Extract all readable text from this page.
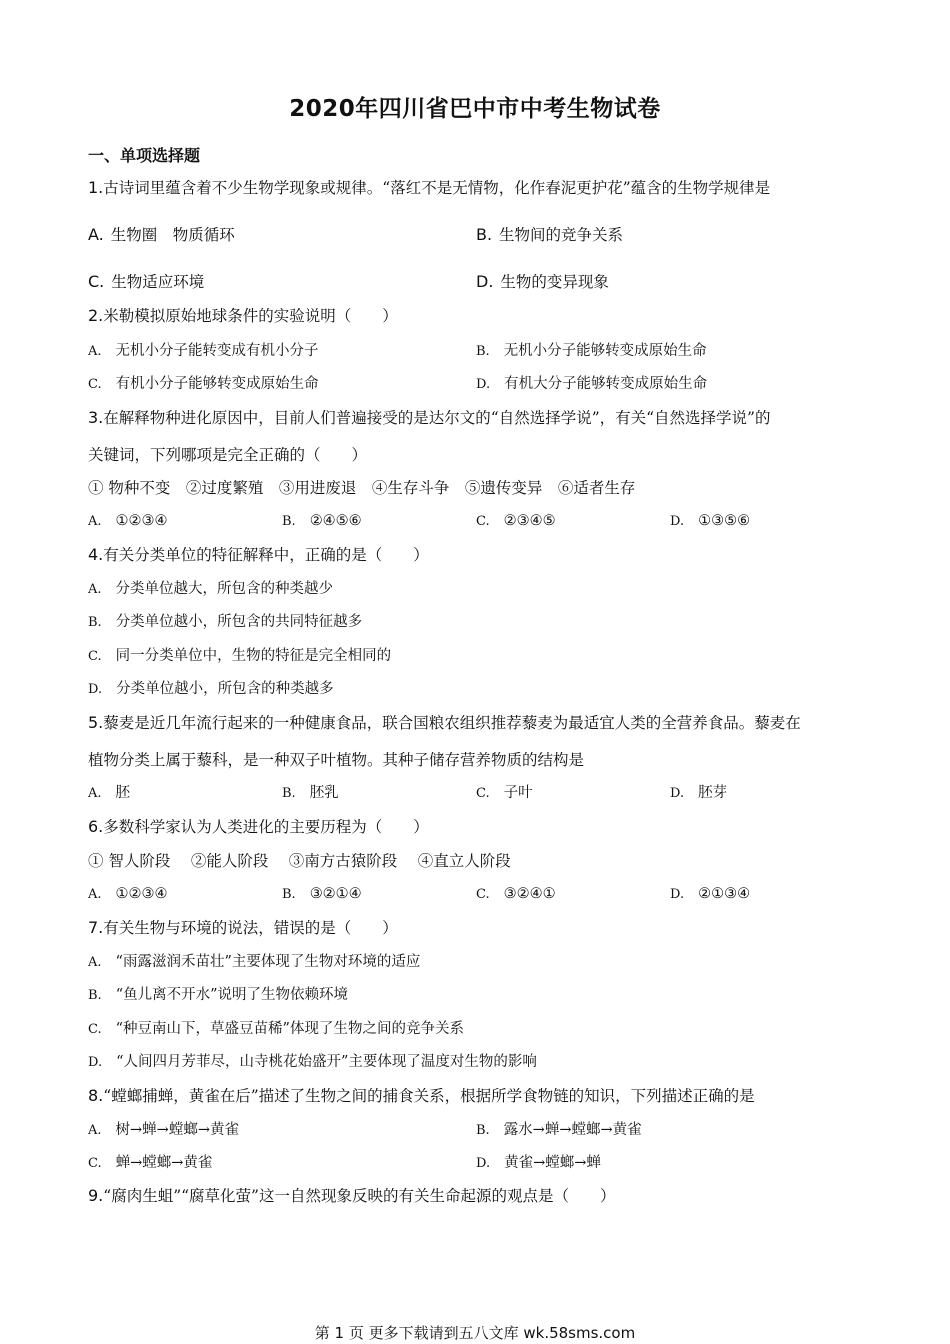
2020年四川省巴中市中考生物试卷
一、单项选择题
1.古诗词里蕴含着不少生物学现象或规律。“落红不是无情物，化作春泥更护花”蕴含的生物学规律是
A. 生物圈　物质循环	B. 生物间的竞争关系
C. 生物适应环境	D. 生物的变异现象
2.米勒模拟原始地球条件的实验说明（　　）
A. 无机小分子能转变成有机小分子	B. 无机小分子能够转变成原始生命
C. 有机小分子能够转变成原始生命	D. 有机大分子能够转变成原始生命
3.在解释物种进化原因中，目前人们普遍接受的是达尔文的“自然选择学说”，有关“自然选择学说”的
关键词，下列哪项是完全正确的（　　）
① 物种不变　②过度繁殖　③用进废退　④生存斗争　⑤遗传变异　⑥适者生存
A. ①②③④	B. ②④⑤⑥	C. ②③④⑤	D. ①③⑤⑥
4.有关分类单位的特征解释中，正确的是（　　）
A. 分类单位越大，所包含的种类越少
B. 分类单位越小，所包含的共同特征越多
C. 同一分类单位中，生物的特征是完全相同的
D. 分类单位越小，所包含的种类越多
5.藜麦是近几年流行起来的一种健康食品，联合国粮农组织推荐藜麦为最适宜人类的全营养食品。藜麦在
植物分类上属于藜科，是一种双子叶植物。其种子储存营养物质的结构是
A. 胚	B. 胚乳	C. 子叶	D. 胚芽
6.多数科学家认为人类进化的主要历程为（　　）
① 智人阶段　 ②能人阶段　 ③南方古猿阶段　 ④直立人阶段
A. ①②③④	B. ③②①④	C. ③②④①	D. ②①③④
7.有关生物与环境的说法，错误的是（　　）
A. “雨露滋润禾苗壮”主要体现了生物对环境的适应
B. “鱼儿离不开水”说明了生物依赖环境
C. “种豆南山下，草盛豆苗稀”体现了生物之间的竞争关系
D. “人间四月芳菲尽，山寺桃花始盛开”主要体现了温度对生物的影响
8.“螳螂捕蝉，黄雀在后”描述了生物之间的捕食关系，根据所学食物链的知识，下列描述正确的是
A. 树→蝉→螳螂→黄雀	B. 露水→蝉→螳螂→黄雀
C. 蝉→螳螂→黄雀	D. 黄雀→螳螂→蝉
9.“腐肉生蛆”“腐草化萤”这一自然现象反映的有关生命起源的观点是（　　）
第 1 页 更多下载请到五八文库 wk.58sms.com
